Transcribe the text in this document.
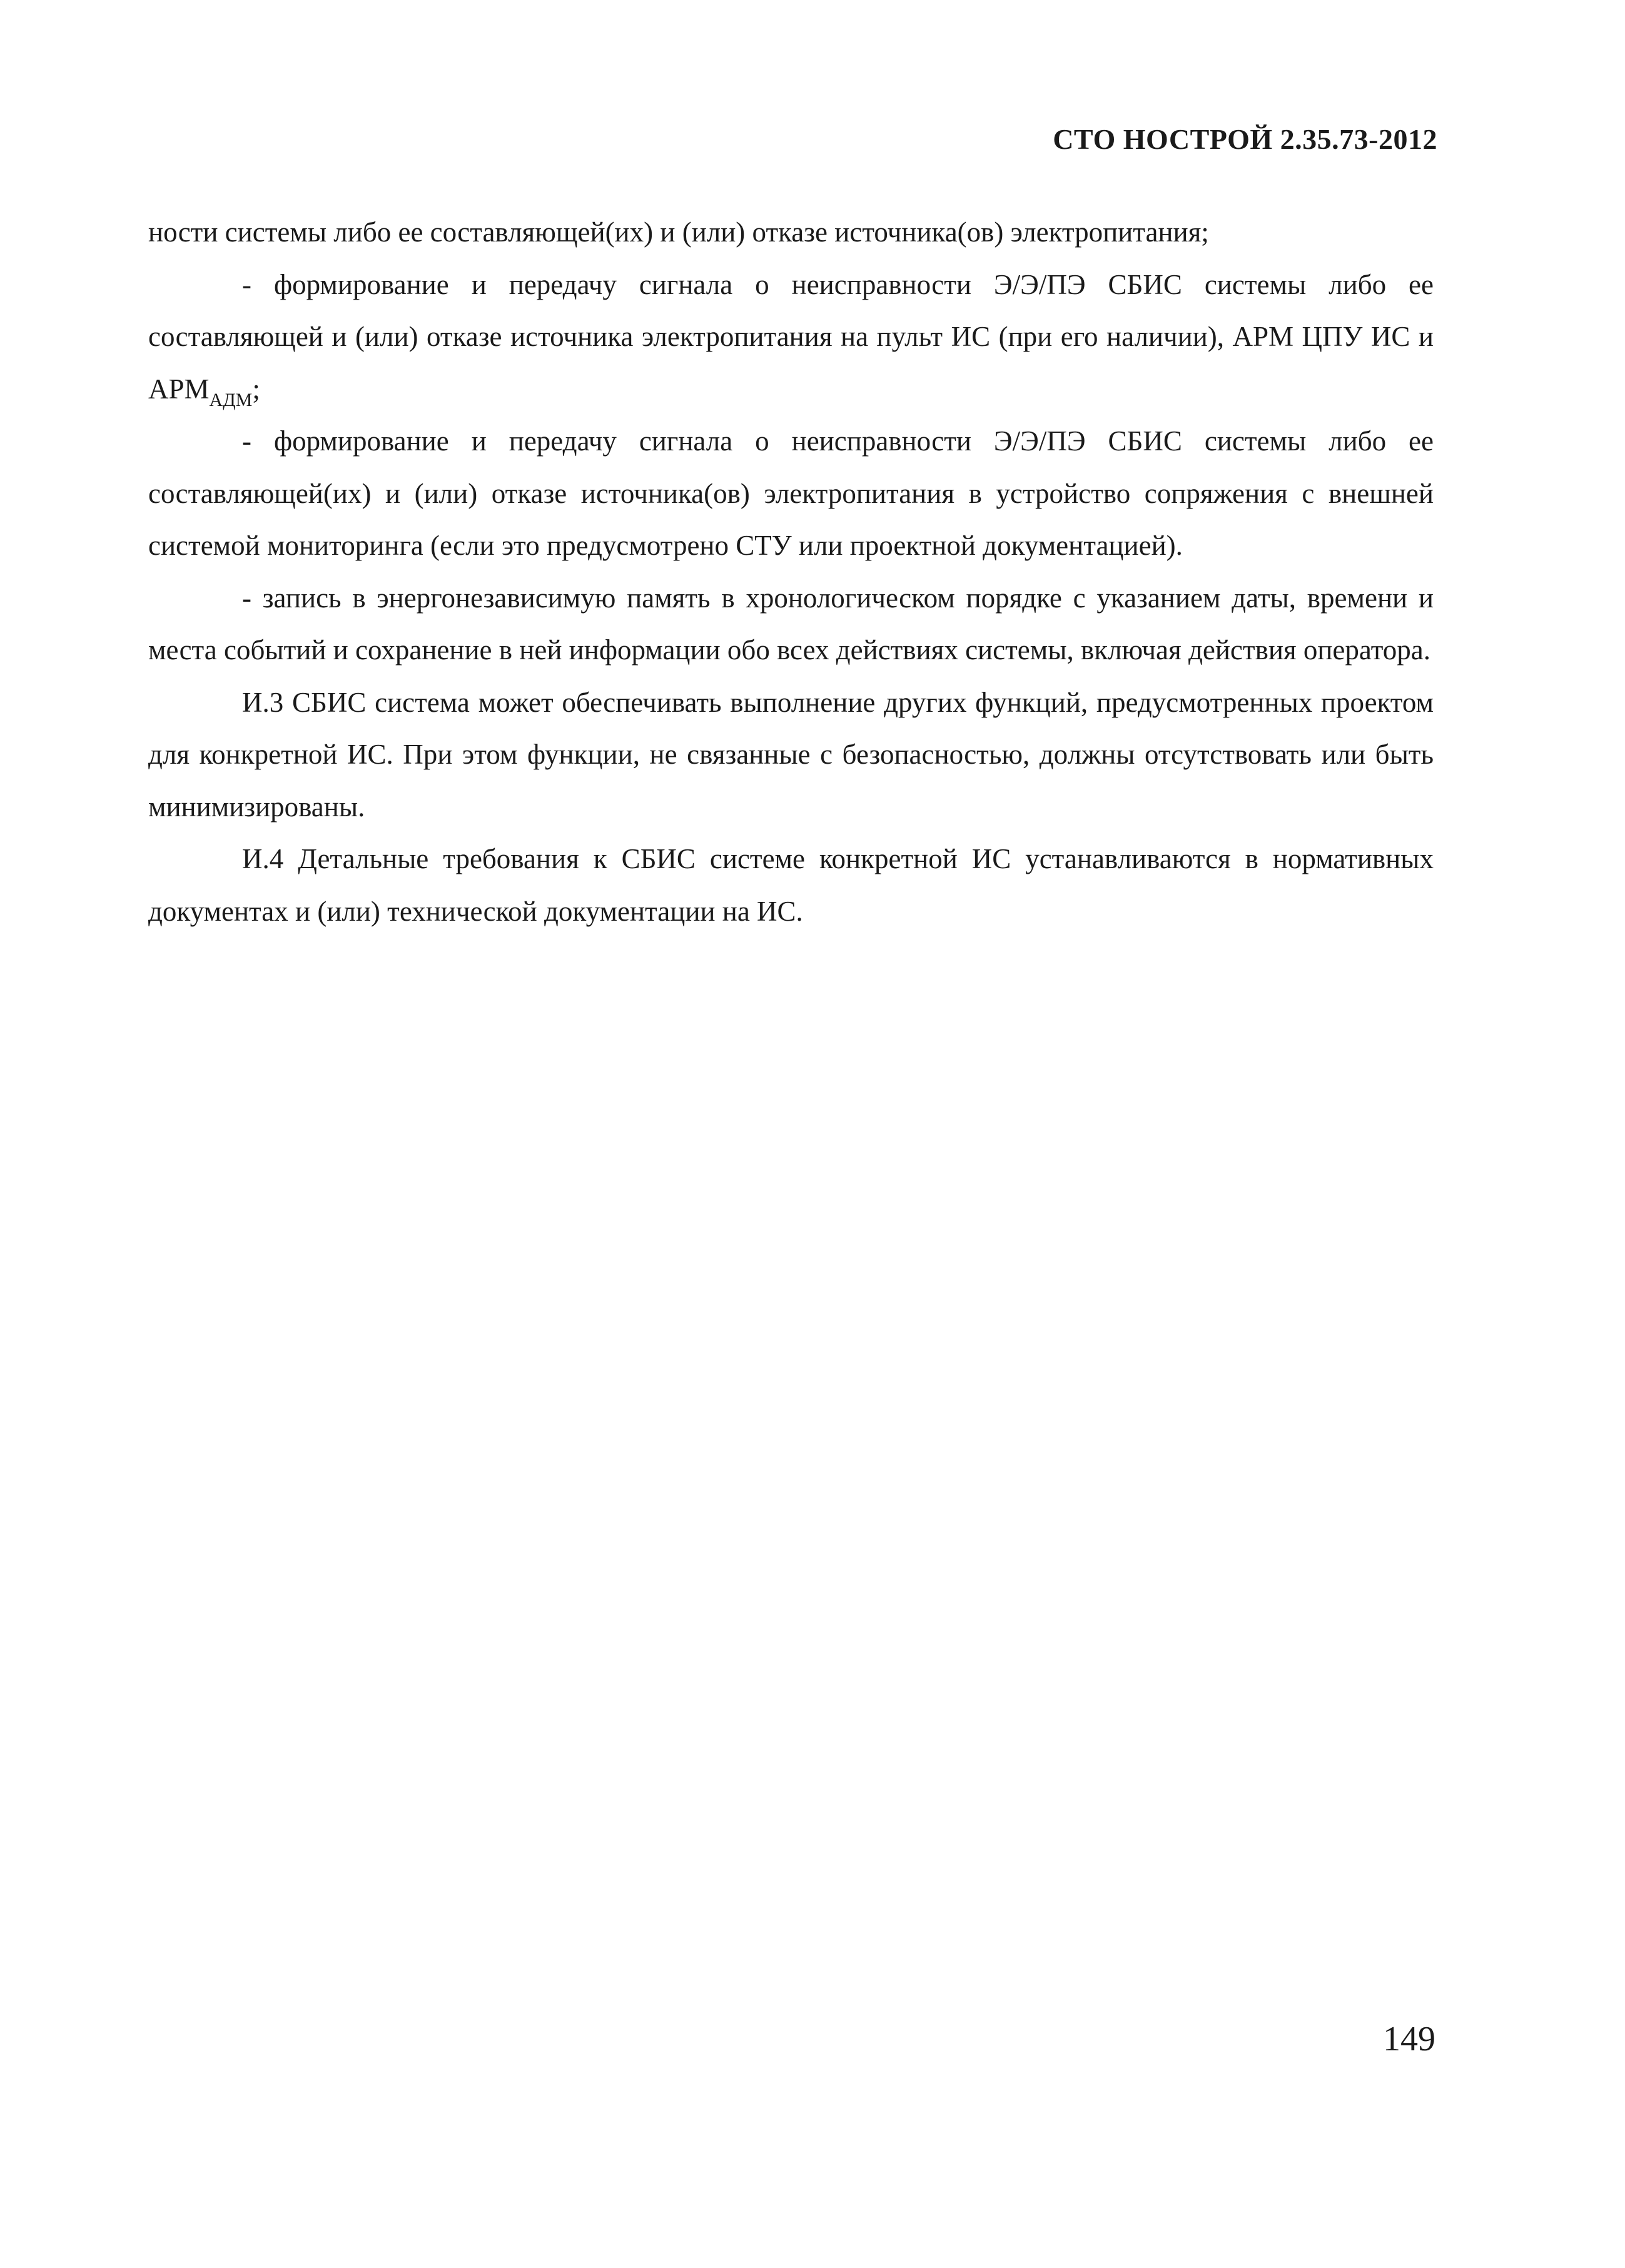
СТО НОСТРОЙ 2.35.73-2012

ности системы либо ее составляющей(их) и (или) отказе источника(ов) электропитания;

- формирование и передачу сигнала о неисправности Э/Э/ПЭ СБИС системы либо ее составляющей и (или) отказе источника электропитания на пульт ИС (при его наличии), АРМ ЦПУ ИС и $АРМ_{АДМ}$;

- формирование и передачу сигнала о неисправности Э/Э/ПЭ СБИС системы либо ее составляющей(их) и (или) отказе источника(ов) электропитания в устройство сопряжения с внешней системой мониторинга (если это предусмотрено СТУ или проектной документацией).

- запись в энергонезависимую память в хронологическом порядке с указанием даты, времени и места событий и сохранение в ней информации обо всех действиях системы, включая действия оператора.

И.3 СБИС система может обеспечивать выполнение других функций, предусмотренных проектом для конкретной ИС. При этом функции, не связанные с безопасностью, должны отсутствовать или быть минимизированы.

И.4 Детальные требования к СБИС системе конкретной ИС устанавливаются в нормативных документах и (или) технической документации на ИС.

149
